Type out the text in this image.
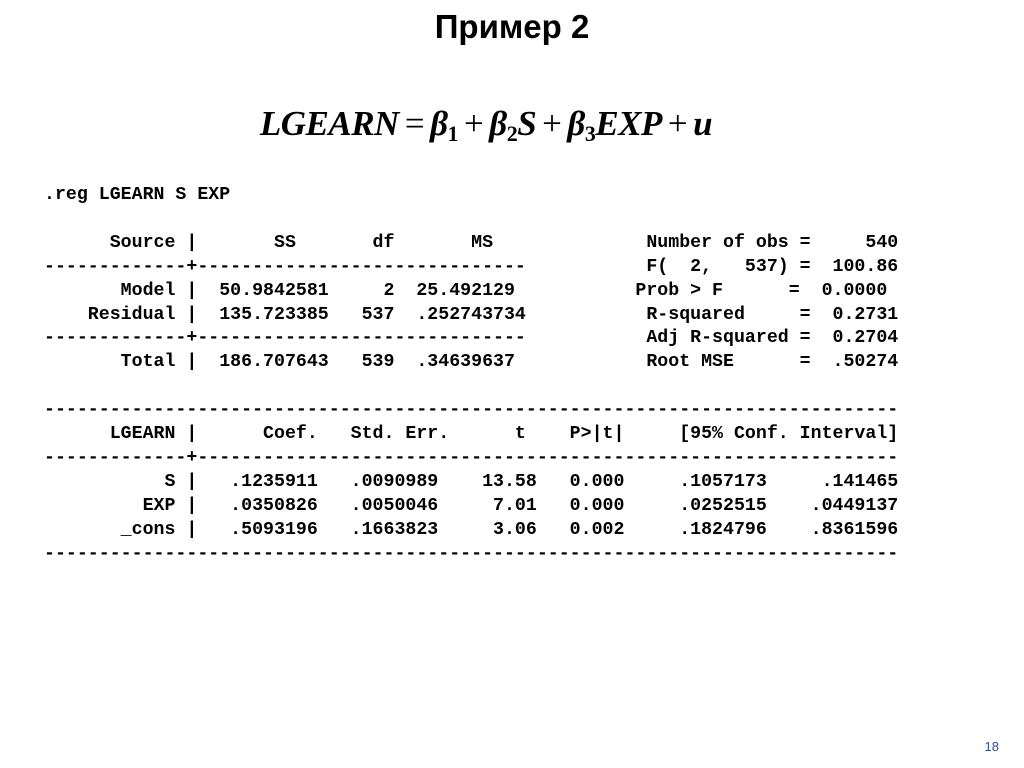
Пример 2
LGEARN = $\beta_1 + \beta_2S + \beta_3EXP + u$
.reg LGEARN S EXP

Source |       SS       df       MS              Number of obs =     540
-------------+------------------------------           F(  2,   537) =  100.86
Model |  50.9842581     2  25.492129           Prob > F      =  0.0000
Residual |  135.723385   537  .252743734           R-squared     =  0.2731
-------------+------------------------------           Adj R-squared =  0.2704
Total |  186.707643   539  .34639637            Root MSE      =  .50274

------------------------------------------------------------------------------
LGEARN |      Coef.   Std. Err.      t    P>|t|     [95% Conf. Interval]
-------------+----------------------------------------------------------------
S |   .1235911   .0090989    13.58   0.000     .1057173     .141465
EXP |   .0350826   .0050046     7.01   0.000     .0252515    .0449137
_cons |   .5093196   .1663823     3.06   0.002     .1824796    .8361596
------------------------------------------------------------------------------
18
